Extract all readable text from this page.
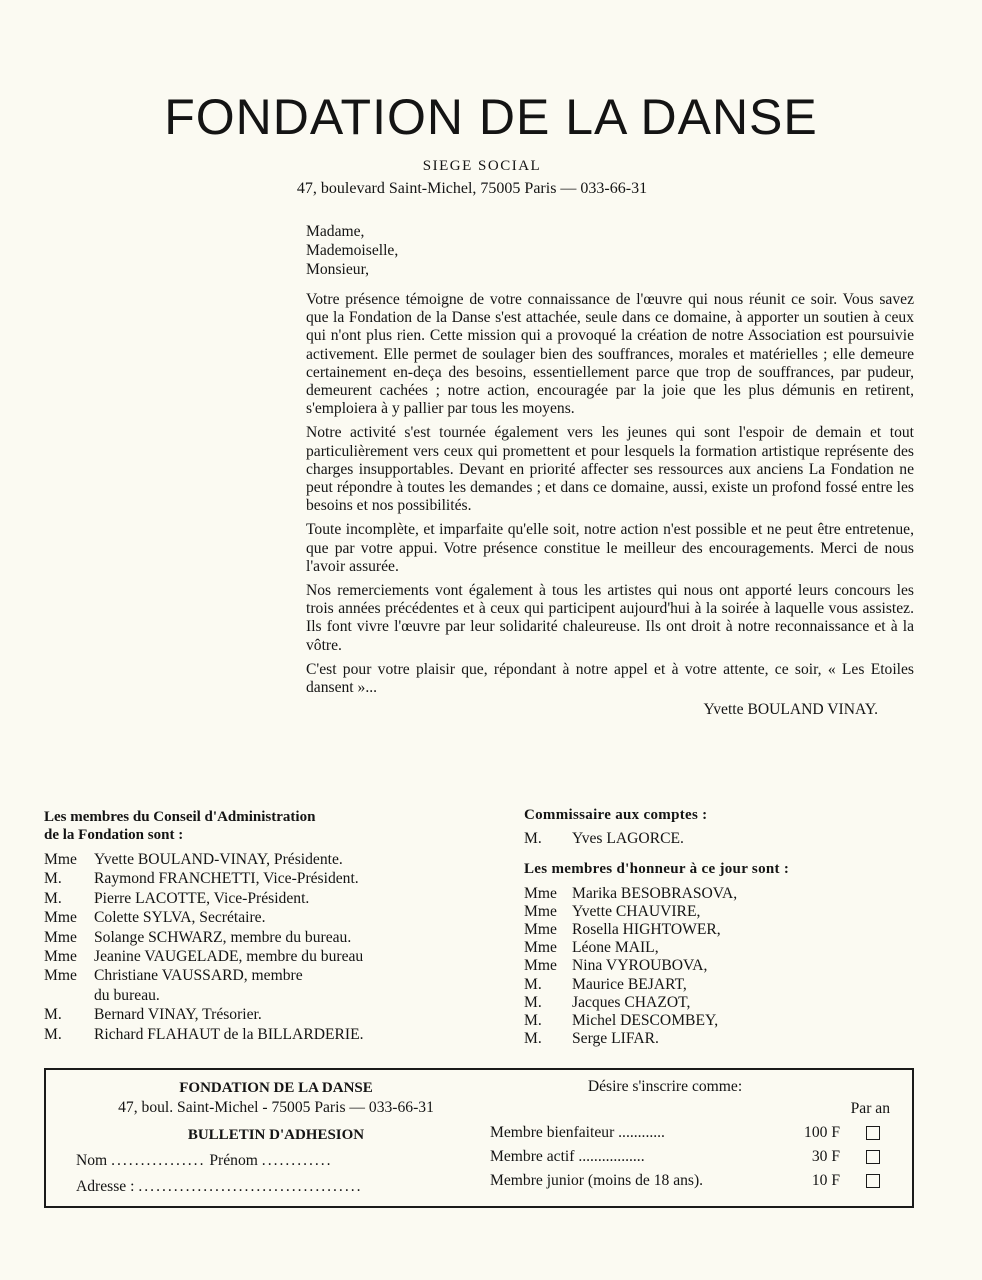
FONDATION DE LA DANSE
SIEGE SOCIAL
47, boulevard Saint-Michel, 75005 Paris — 033-66-31
Madame,
Mademoiselle,
Monsieur,

Votre présence témoigne de votre connaissance de l'œuvre qui nous réunit ce soir. Vous savez que la Fondation de la Danse s'est attachée, seule dans ce domaine, à apporter un soutien à ceux qui n'ont plus rien. Cette mission qui a provoqué la création de notre Association est poursuivie activement. Elle permet de soulager bien des souffrances, morales et matérielles ; elle demeure certainement en-deça des besoins, essentiellement parce que trop de souffrances, par pudeur, demeurent cachées ; notre action, encouragée par la joie que les plus démunis en retirent, s'emploiera à y pallier par tous les moyens.

Notre activité s'est tournée également vers les jeunes qui sont l'espoir de demain et tout particulièrement vers ceux qui promettent et pour lesquels la formation artistique représente des charges insupportables. Devant en priorité affecter ses ressources aux anciens La Fondation ne peut répondre à toutes les demandes ; et dans ce domaine, aussi, existe un profond fossé entre les besoins et nos possibilités.

Toute incomplète, et imparfaite qu'elle soit, notre action n'est possible et ne peut être entretenue, que par votre appui. Votre présence constitue le meilleur des encouragements. Merci de nous l'avoir assurée.

Nos remerciements vont également à tous les artistes qui nous ont apporté leurs concours les trois années précédentes et à ceux qui participent aujourd'hui à la soirée à laquelle vous assistez. Ils font vivre l'œuvre par leur solidarité chaleureuse. Ils ont droit à notre reconnaissance et à la vôtre.

C'est pour votre plaisir que, répondant à notre appel et à votre attente, ce soir, « Les Etoiles dansent »...

Yvette BOULAND VINAY.
Les membres du Conseil d'Administration
de la Fondation sont :
Mme	Yvette BOULAND-VINAY, Présidente.
M.	Raymond FRANCHETTI, Vice-Président.
M.	Pierre LACOTTE, Vice-Président.
Mme	Colette SYLVA, Secrétaire.
Mme	Solange SCHWARZ, membre du bureau.
Mme	Jeanine VAUGELADE, membre du bureau
Mme	Christiane VAUSSARD, membre
du bureau.
M.	Bernard VINAY, Trésorier.
M.	Richard FLAHAUT de la BILLARDERIE.
Commissaire aux comptes :
M.	Yves LAGORCE.
Les membres d'honneur à ce jour sont :
Mme Marika BESOBRASOVA,
Mme Yvette CHAUVIRE,
Mme Rosella HIGHTOWER,
Mme Léone MAIL,
Mme Nina VYROUBOVA,
M.	Maurice BEJART,
M.	Jacques CHAZOT,
M.	Michel DESCOMBEY,
M.	Serge LIFAR.
FONDATION DE LA DANSE
47, boul. Saint-Michel - 75005 Paris — 033-66-31
BULLETIN D'ADHESION
Nom ................ Prénom ............
Adresse : ......................................
Désire s'inscrire comme:
Par an
Membre bienfaiteur ............	100 F
Membre actif .................	30 F
Membre junior (moins de 18 ans).	10 F
